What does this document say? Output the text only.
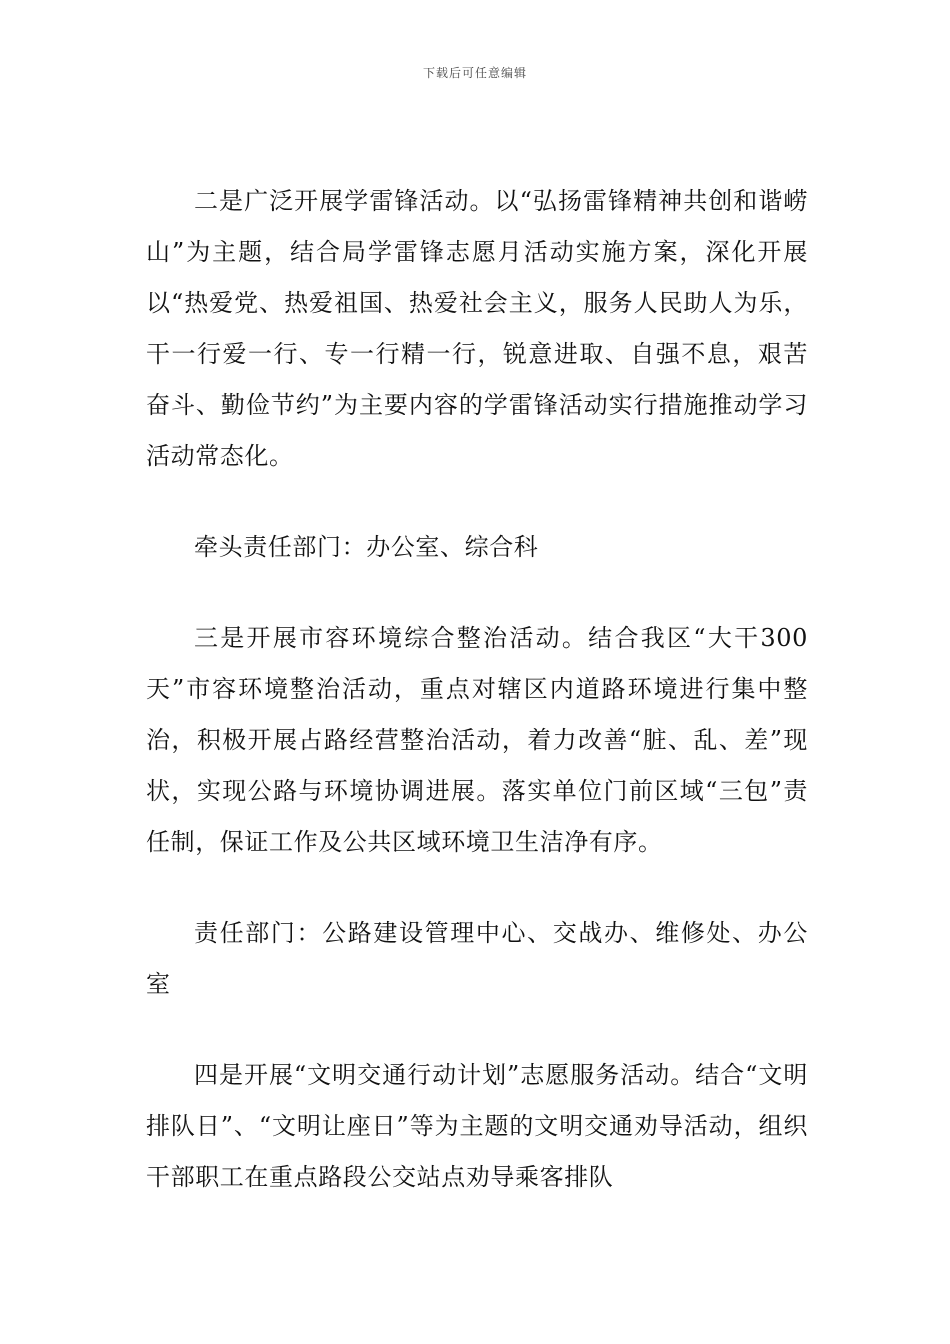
下载后可任意编辑

二是广泛开展学雷锋活动。以“弘扬雷锋精神共创和谐崂山”为主题，结合局学雷锋志愿月活动实施方案，深化开展以“热爱党、热爱祖国、热爱社会主义，服务人民助人为乐，干一行爱一行、专一行精一行，锐意进取、自强不息，艰苦奋斗、勤俭节约”为主要内容的学雷锋活动实行措施推动学习活动常态化。

牵头责任部门：办公室、综合科

三是开展市容环境综合整治活动。结合我区“大干300天”市容环境整治活动，重点对辖区内道路环境进行集中整治，积极开展占路经营整治活动，着力改善“脏、乱、差”现状，实现公路与环境协调进展。落实单位门前区域“三包”责任制，保证工作及公共区域环境卫生洁净有序。

责任部门：公路建设管理中心、交战办、维修处、办公室

四是开展“文明交通行动计划”志愿服务活动。结合“文明排队日”、“文明让座日”等为主题的文明交通劝导活动，组织干部职工在重点路段公交站点劝导乘客排队
